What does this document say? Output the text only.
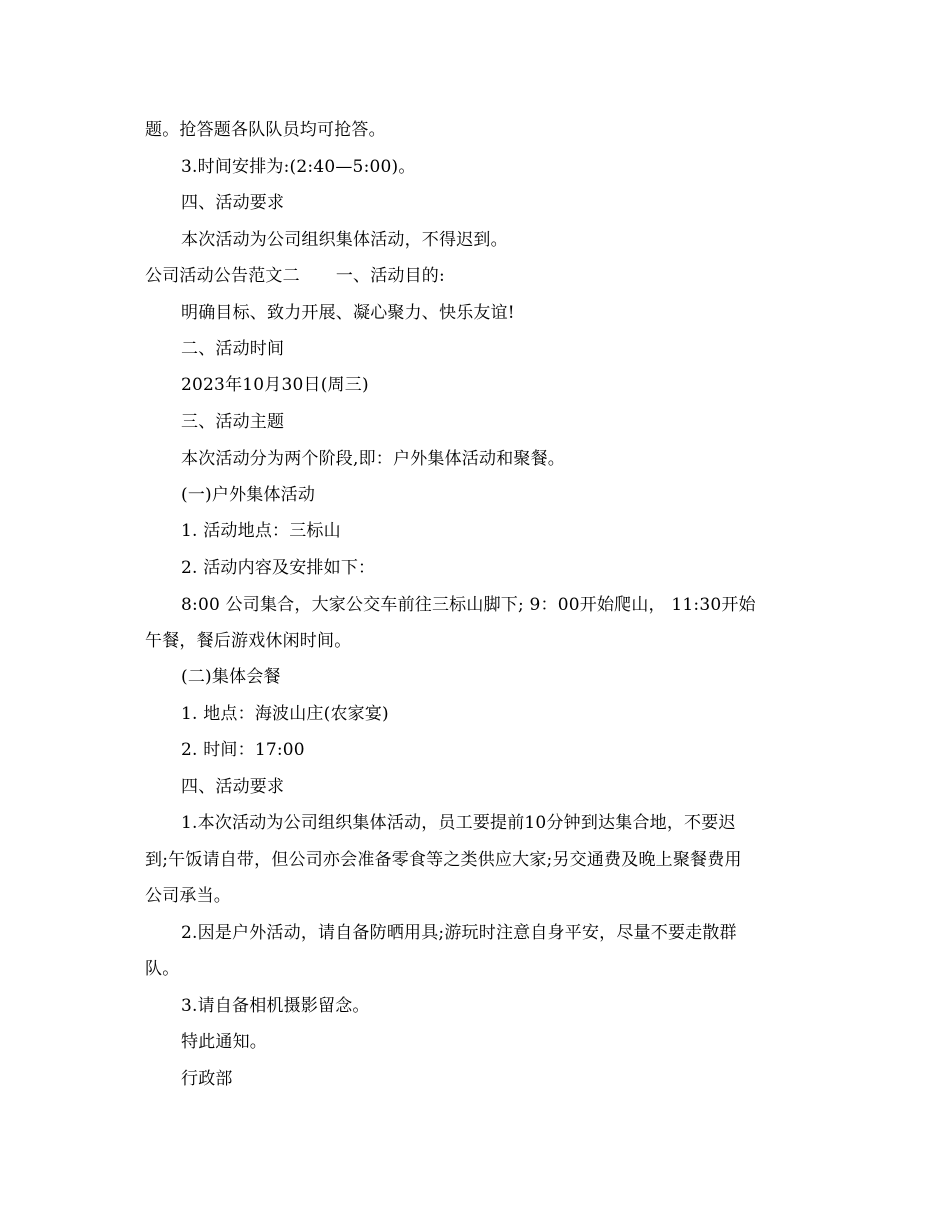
题。抢答题各队队员均可抢答。
3.时间安排为:(2:40—5:00)。
四、活动要求
本次活动为公司组织集体活动，不得迟到。
公司活动公告范文二 一、活动目的:
明确目标、致力开展、凝心聚力、快乐友谊!
二、活动时间
2023年10月30日(周三)
三、活动主题
本次活动分为两个阶段,即：户外集体活动和聚餐。
(一)户外集体活动
1. 活动地点：三标山
2. 活动内容及安排如下：
8:00 公司集合，大家公交车前往三标山脚下; 9：00开始爬山， 11:30开始
午餐，餐后游戏休闲时间。
(二)集体会餐
1. 地点：海波山庄(农家宴)
2. 时间：17:00
四、活动要求
1.本次活动为公司组织集体活动，员工要提前10分钟到达集合地，不要迟
到;午饭请自带，但公司亦会准备零食等之类供应大家;另交通费及晚上聚餐费用
公司承当。
2.因是户外活动，请自备防晒用具;游玩时注意自身平安，尽量不要走散群
队。
3.请自备相机摄影留念。
特此通知。
行政部
